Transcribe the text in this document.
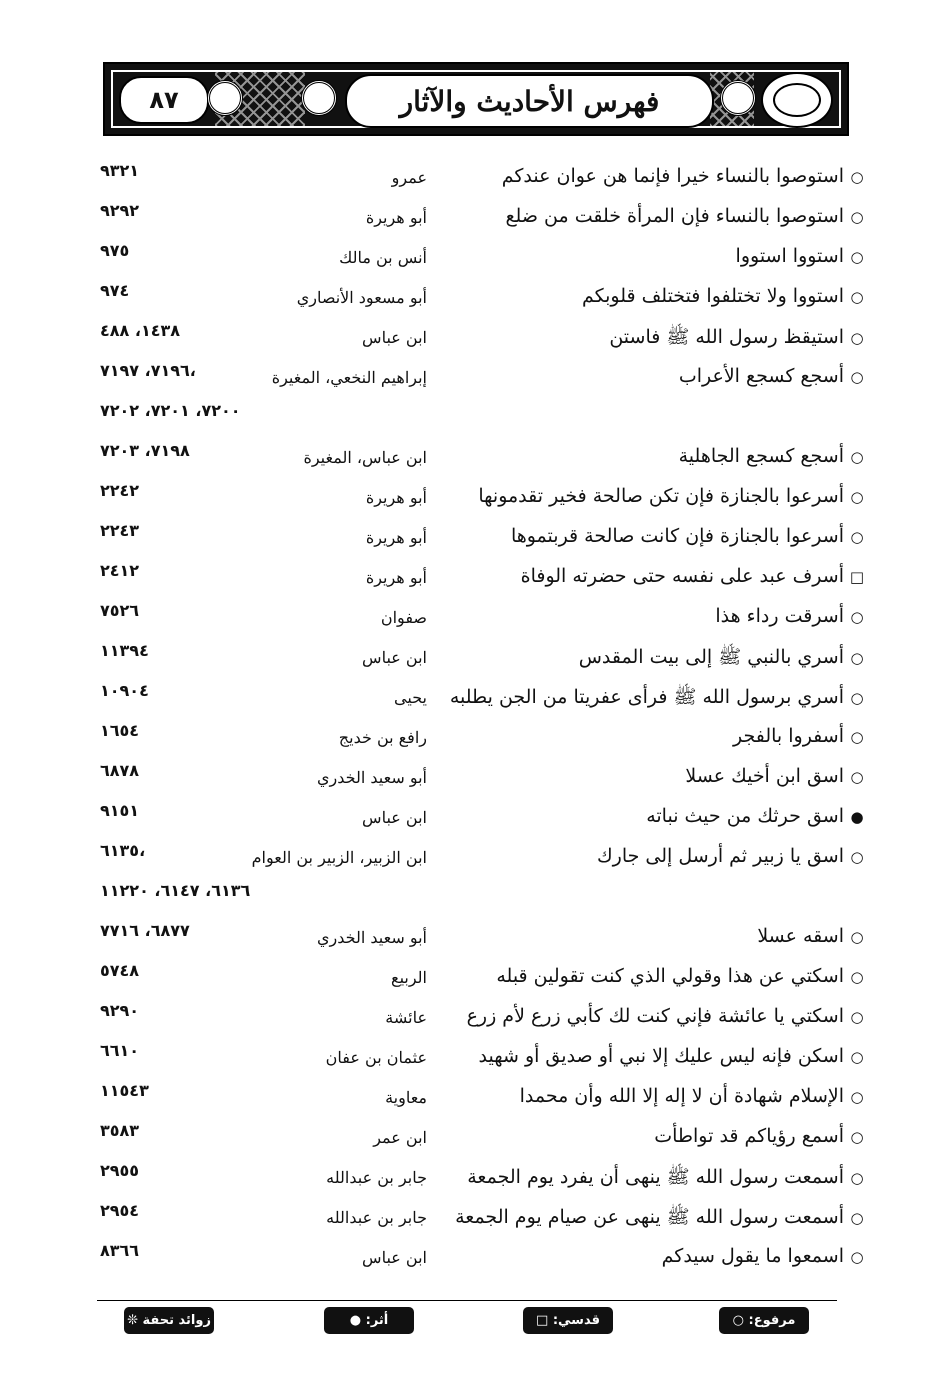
٨٧	فهرس الأحاديث والآثار
○استوصوا بالنساء خيرا فإنما هن عوان عندكم
عمرو
٩٣٢١
○استوصوا بالنساء فإن المرأة خلقت من ضلع
أبو هريرة
٩٢٩٢
○استووا استووا
أنس بن مالك
٩٧٥
○استووا ولا تختلفوا فتختلف قلوبكم
أبو مسعود الأنصاري
٩٧٤
○استيقظ رسول الله ﷺ فاستن
ابن عباس
١٤٣٨، ٤٨٨
○أسجع كسجع الأعراب
إبراهيم النخعي، المغيرة
٧١٩٦، ٧١٩٧،
٧٢٠٠، ٧٢٠١، ٧٢٠٢
○أسجع كسجع الجاهلية
ابن عباس، المغيرة
٧١٩٨، ٧٢٠٣
○أسرعوا بالجنازة فإن تكن صالحة فخير تقدمونها
أبو هريرة
٢٢٤٢
○أسرعوا بالجنازة فإن كانت صالحة قربتموها
أبو هريرة
٢٢٤٣
□أسرف عبد على نفسه حتى حضرته الوفاة
أبو هريرة
٢٤١٢
○أسرقت رداء هذا
صفوان
٧٥٢٦
○أسري بالنبي ﷺ إلى بيت المقدس
ابن عباس
١١٣٩٤
○أسري برسول الله ﷺ فرأى عفريتا من الجن يطلبه
يحيى
١٠٩٠٤
○أسفروا بالفجر
رافع بن خديج
١٦٥٤
○اسق ابن أخيك عسلا
أبو سعيد الخدري
٦٨٧٨
●اسق حرثك من حيث نباته
ابن عباس
٩١٥١
○اسق يا زبير ثم أرسل إلى جارك
ابن الزبير، الزبير بن العوام
٦١٣٥،
٦١٣٦، ٦١٤٧، ١١٢٢٠
○اسقه عسلا
أبو سعيد الخدري
٦٨٧٧، ٧٧١٦
○اسكتي عن هذا وقولي الذي كنت تقولين قبله
الربيع
٥٧٤٨
○اسكتي يا عائشة فإني كنت لك كأبي زرع لأم زرع
عائشة
٩٢٩٠
○اسكن فإنه ليس عليك إلا نبي أو صديق أو شهيد
عثمان بن عفان
٦٦١٠
○الإسلام شهادة أن لا إله إلا الله وأن محمدا
معاوية
١١٥٤٣
○أسمع رؤياكم قد تواطأت
ابن عمر
٣٥٨٣
○أسمعت رسول الله ﷺ ينهى أن يفرد يوم الجمعة
جابر بن عبدالله
٢٩٥٥
○أسمعت رسول الله ﷺ ينهى عن صيام يوم الجمعة
جابر بن عبدالله
٢٩٥٤
○اسمعوا ما يقول سيدكم
ابن عباس
٨٣٦٦
مرفوع: ○
قدسي: □
أثر: ●
زوائد تحفة ❊
